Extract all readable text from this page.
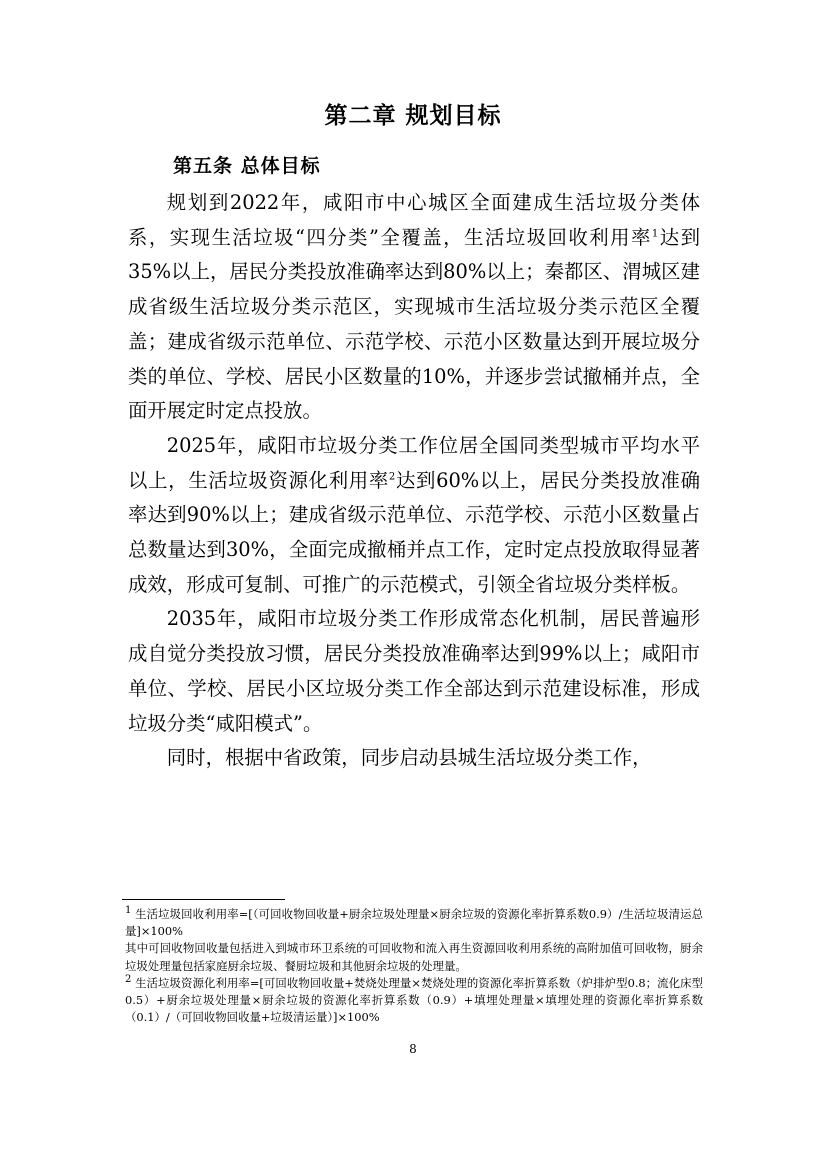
第二章 规划目标
第五条 总体目标

规划到2022年，咸阳市中心城区全面建成生活垃圾分类体系，实现生活垃圾“四分类”全覆盖，生活垃圾回收利用率$^1$达到35%以上，居民分类投放准确率达到80%以上；秦都区、渭城区建成省级生活垃圾分类示范区，实现城市生活垃圾分类示范区全覆盖；建成省级示范单位、示范学校、示范小区数量达到开展垃圾分类的单位、学校、居民小区数量的10%，并逐步尝试撤桶并点，全面开展定时定点投放。

2025年，咸阳市垃圾分类工作位居全国同类型城市平均水平以上，生活垃圾资源化利用率$^2$达到60%以上，居民分类投放准确率达到90%以上；建成省级示范单位、示范学校、示范小区数量占总数量达到30%，全面完成撤桶并点工作，定时定点投放取得显著成效，形成可复制、可推广的示范模式，引领全省垃圾分类样板。

2035年，咸阳市垃圾分类工作形成常态化机制，居民普遍形成自觉分类投放习惯，居民分类投放准确率达到99%以上；咸阳市单位、学校、居民小区垃圾分类工作全部达到示范建设标准，形成垃圾分类“咸阳模式”。

同时，根据中省政策，同步启动县城生活垃圾分类工作，

$^1$ 生活垃圾回收利用率=[（可回收物回收量+厨余垃圾处理量×厨余垃圾的资源化率折算系数0.9）/生活垃圾清运总量]×100%

其中可回收物回收量包括进入到城市环卫系统的可回收物和流入再生资源回收利用系统的高附加值可回收物，厨余垃圾处理量包括家庭厨余垃圾、餐厨垃圾和其他厨余垃圾的处理量。

$^2$ 生活垃圾资源化利用率=[可回收物回收量+焚烧处理量×焚烧处理的资源化率折算系数（炉排炉型0.8；流化床型0.5）+厨余垃圾处理量×厨余垃圾的资源化率折算系数（0.9）+填埋处理量×填埋处理的资源化率折算系数（0.1）/（可回收物回收量+垃圾清运量）]×100%

8
